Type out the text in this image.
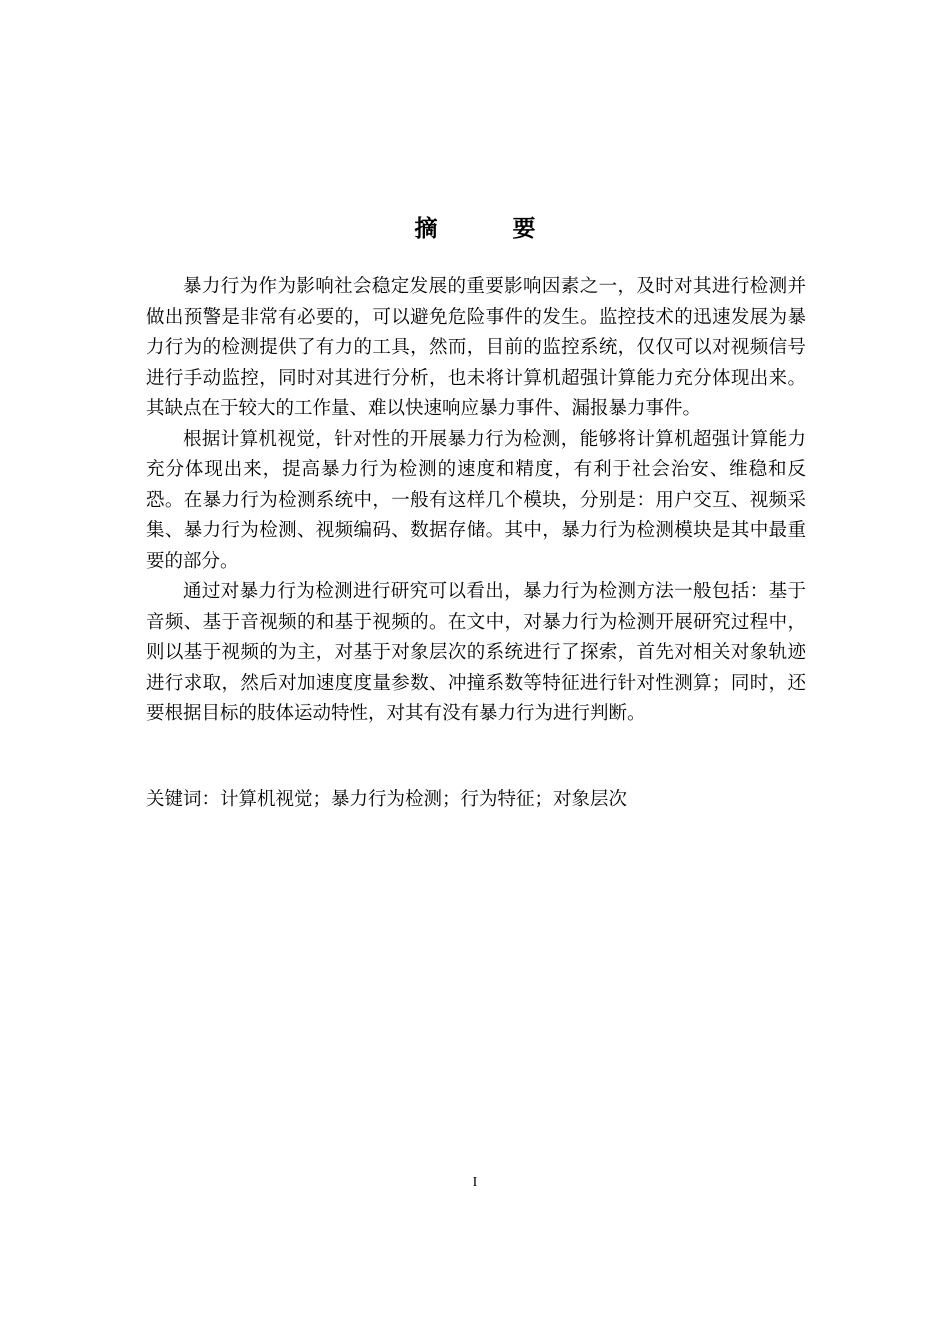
摘　要

暴力行为作为影响社会稳定发展的重要影响因素之一，及时对其进行检测并做出预警是非常有必要的，可以避免危险事件的发生。监控技术的迅速发展为暴力行为的检测提供了有力的工具，然而，目前的监控系统，仅仅可以对视频信号进行手动监控，同时对其进行分析，也未将计算机超强计算能力充分体现出来。其缺点在于较大的工作量、难以快速响应暴力事件、漏报暴力事件。

根据计算机视觉，针对性的开展暴力行为检测，能够将计算机超强计算能力充分体现出来，提高暴力行为检测的速度和精度，有利于社会治安、维稳和反恐。在暴力行为检测系统中，一般有这样几个模块，分别是：用户交互、视频采集、暴力行为检测、视频编码、数据存储。其中，暴力行为检测模块是其中最重要的部分。

通过对暴力行为检测进行研究可以看出，暴力行为检测方法一般包括：基于音频、基于音视频的和基于视频的。在文中，对暴力行为检测开展研究过程中，则以基于视频的为主，对基于对象层次的系统进行了探索，首先对相关对象轨迹进行求取，然后对加速度度量参数、冲撞系数等特征进行针对性测算；同时，还要根据目标的肢体运动特性，对其有没有暴力行为进行判断。

关键词：计算机视觉；暴力行为检测；行为特征；对象层次
I
